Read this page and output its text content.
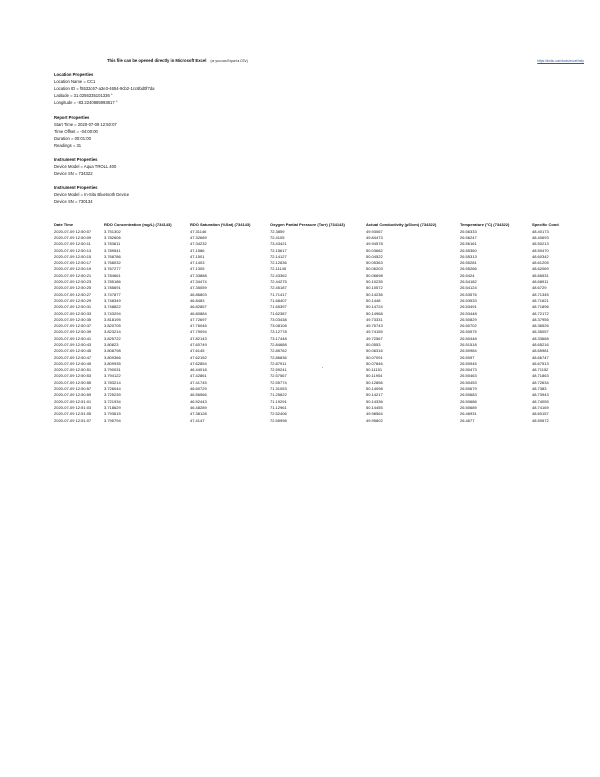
This file can be opened directly in Microsoft Excel (or you can Export a CSV)	https://insitu.com/tools/excel/help
Location Properties
Location Name = CC1
Location ID = f5532c67-a3e3-4654-9cb2-1cc6bd0f7da
Latitude = 31.0256335101336 °
Longitude = -83.2240885993817 °
Report Properties
Start Time = 2020-07-09 12:50:07
Time Offset = -04:00:00
Duration = 00:01:00
Readings = 31
Instrument Properties
Device Model = Aqua TROLL 400
Device SN = 734322
Instrument Properties
Device Model = In-Situ Bluetooth Device
Device SN = 730134
Date Time	RDO Concentration (mg/L) (734143)	RDO Saturation (%Sat) (734143)	Oxygen Partial Pressure (Torr) (734143)	Actual Conductivity (µS/cm) (734322)	Temperature (°C) (734322)	Specific Cond
2020-07-09 12:50:07	3.751302	47.31146	72.3859	49.93067	26.56333	48.40173
2020-07-09 12:50:09	3.782606	47.32689	72.4105	49.84473	26.56247	48.40693
2020-07-09 12:50:11	3.783611	47.34232	73.43421	49.94578	26.56161	48.50213
2020-07-09 12:50:13	3.789541	47.1586	72.15617	50.03682	26.55360	48.50470
2020-07-09 12:50:15	3.768786	47.1501	72.14127	50.04522	26.55313	48.60342
2020-07-09 12:50:17	3.768032	47.1403	72.12636	50.05363	26.55281	48.61205
2020-07-09 12:50:19	3.767277	47.1305	72.11145	50.06203	26.55266	48.62069
2020-07-09 12:50:21	3.784661	47.33888	72.43362	50.06698	26.5424	48.66531
2020-07-09 12:50:23	3.785186	47.34474	72.44275	50.10235	26.54182	48.68911
2020-07-09 12:50:25	3.785691	47.35059	72.45187	50.10572	26.54124	48.6729
2020-07-09 12:50:27	3.747877	46.86803	71.71417	50.14236	26.53576	48.71345
2020-07-09 12:50:29	3.748349	46.8483	71.68407	50.1448	26.53533	48.71621
2020-07-09 12:50:31	3.748822	46.82857	71.65397	50.14724	26.53491	48.71896
2020-07-09 12:50:33	3.743294	46.80884	71.62387	50.14968	26.53448	48.72172
2020-07-09 12:50:35	3.818195	47.72697	73.03438	49.73331	26.50829	48.37955
2020-07-09 12:50:37	3.820705	47.76046	73.08108	49.75743	26.50702	48.36526
2020-07-09 12:50:39	3.823214	47.79094	73.12778	49.74155	26.50575	48.35057
2020-07-09 12:50:41	3.825722	47.82143	73.17448	49.72567	26.50448	48.33668
2020-07-09 12:50:43	3.80823	47.60749	72.84688	50.0553	26.51518	48.65216
2020-07-09 12:50:45	3.808798	47.6145	72.85762	50.06316	26.50984	48.65981
2020-07-09 12:50:47	3.809366	47.62152	72.86836	50.07091	26.5097	48.66747
2020-07-09 12:50:49	3.809935	47.62854	72.87911	50.07846	26.50945	48.67513
2020-07-09 12:50:51	3.790031	46.44018	72.59241	50.11151	26.50473	48.71152
2020-07-09 12:50:53	3.794122	47.42861	72.57567	50.11904	26.50463	48.71863
2020-07-09 12:50:55	3.783214	47.41745	72.55774	50.12856	26.50453	48.72634
2020-07-09 12:50:57	3.726044	46.60729	71.31053	50.14098	26.50679	48.7383
2020-07-09 12:50:59	3.725239	46.56566	71.25622	50.14217	26.50683	48.73943
2020-07-09 12:51:01	3.721934	46.52443	71.19291	50.14336	26.50686	48.74055
2020-07-09 12:51:03	3.718629	46.48289	71.12961	50.14455	26.50689	48.74169
2020-07-09 12:51:05	3.793615	47.38128	72.52406	49.98564	26.46931	48.60157
2020-07-09 12:51:07	3.795794	47.4147	72.55998	49.95802	26.4677	48.59572
